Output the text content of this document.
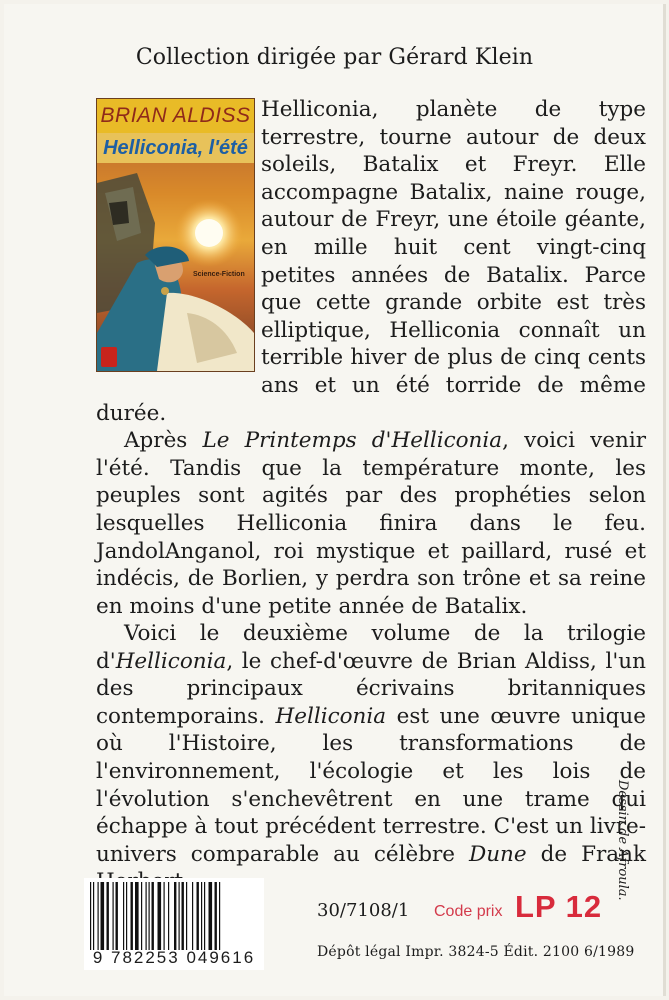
Collection dirigée par Gérard Klein
BRIAN ALDISS
Helliconia, l'été
Science-Fiction
Helliconia, planète de type terrestre, tourne autour de deux soleils, Batalix et Freyr. Elle accompagne Batalix, naine rouge, autour de Freyr, une étoile géante, en mille huit cent vingt-cinq petites années de Batalix. Parce que cette grande orbite est très elliptique, Helliconia connaît un terrible hiver de plus de cinq cents ans et un été torride de même durée.
Après Le Printemps d'Helliconia, voici venir l'été. Tandis que la température monte, les peuples sont agités par des prophéties selon lesquelles Helliconia finira dans le feu. JandolAnganol, roi mystique et paillard, rusé et indécis, de Borlien, y perdra son trône et sa reine en moins d'une petite année de Batalix.
Voici le deuxième volume de la trilogie d'Helliconia, le chef-d'œuvre de Brian Aldiss, l'un des principaux écrivains britanniques contemporains. Helliconia est une œuvre unique où l'Histoire, les transformations de l'environnement, l'écologie et les lois de l'évolution s'enchevêtrent en une trame qui échappe à tout précédent terrestre. C'est un livre-univers comparable au célèbre Dune de Frank
9 782253 049616
30/7108/1 Code prix LP 12
Dépôt légal Impr. 3824-5 Édit. 2100 6/1989
Dessin de Afroula.
